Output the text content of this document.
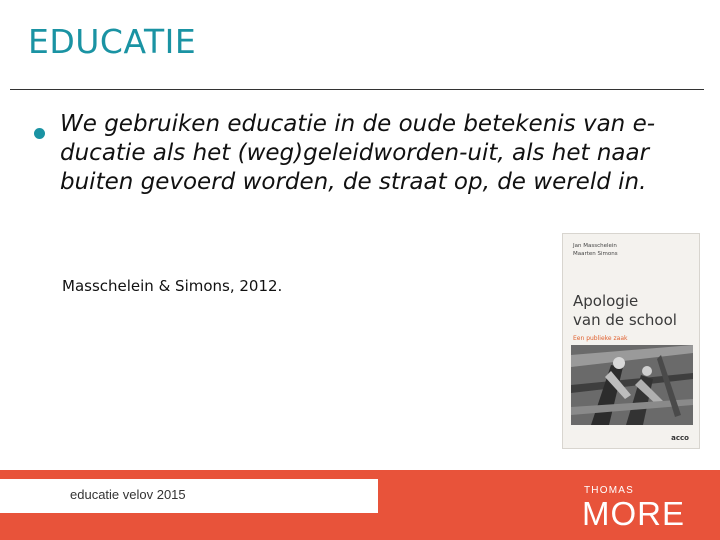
EDUCATIE
We gebruiken educatie in de oude betekenis van e-ducatie als het (weg)geleidworden-uit, als het naar buiten gevoerd worden, de straat op, de wereld in.
Masschelein & Simons, 2012.
Jan Masschelein
Maarten Simons
Apologie
van de school
Een publieke zaak
acco
educatie velov 2015	THOMAS
MORE
